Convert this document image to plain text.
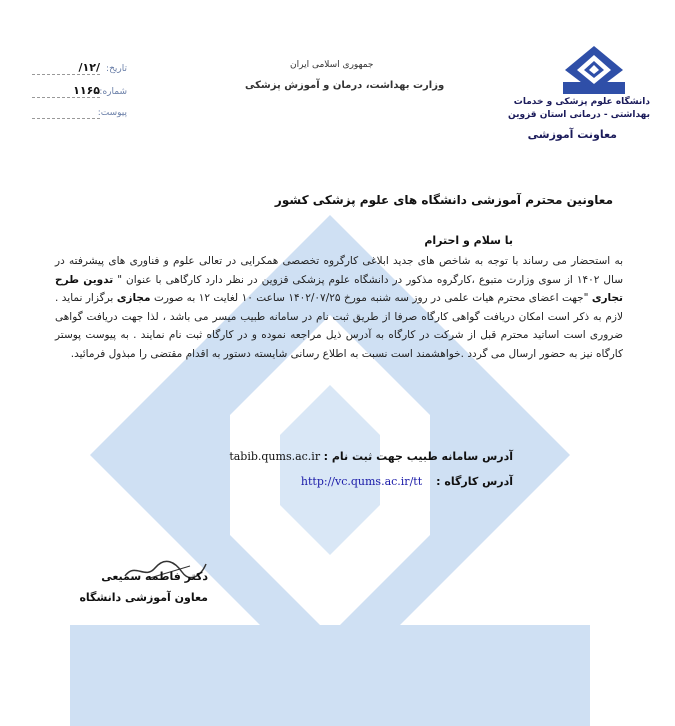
دانشگاه علوم پزشکی و خدمات
بهداشتی - درمانی استان قزوین
معاونت آموزشی
جمهوری اسلامی ایران
وزارت بهداشت، درمان و آموزش پزشکی
تاریخ:
/۱۲/
شماره:
۱۱۶۵
پیوست:
معاونین محترم آموزشی دانشگاه های علوم پزشکی کشور
با سلام و احترام
به استحضار می رساند با توجه به شاخص های جدید ابلاغی کارگروه تخصصی همکرایی در تعالی علوم و فناوری های پیشرفته در سال ۱۴۰۲ از سوی وزارت متبوع ،کارگروه مذکور در دانشگاه علوم پزشکی قزوین در نظر دارد کارگاهی با عنوان " تدوین طرح تجاری "جهت اعضای محترم هیات علمی در روز سه شنبه مورخ ۱۴۰۲/۰۷/۲۵ ساعت ۱۰ لغایت ۱۲ به صورت مجازی برگزار نماید . لازم به ذکر است امکان دریافت گواهی کارگاه صرفا از طریق ثبت نام در سامانه طبیب میسر می باشد ، لذا جهت دریافت گواهی ضروری است اساتید محترم قبل از شرکت در کارگاه به آدرس ذیل مراجعه نموده و در کارگاه ثبت نام نمایند . به پیوست پوستر کارگاه نیز به حضور ارسال می گردد .خواهشمند است نسبت به اطلاع رسانی شایسته دستور به اقدام مقتضی را مبذول فرمائید.
آدرس سامانه طبیب جهت ثبت نام : tabib.qums.ac.ir
آدرس کارگاه :    http://vc.qums.ac.ir/tt
دکتر فاطمه سمیعی
معاون آموزشی دانشگاه
